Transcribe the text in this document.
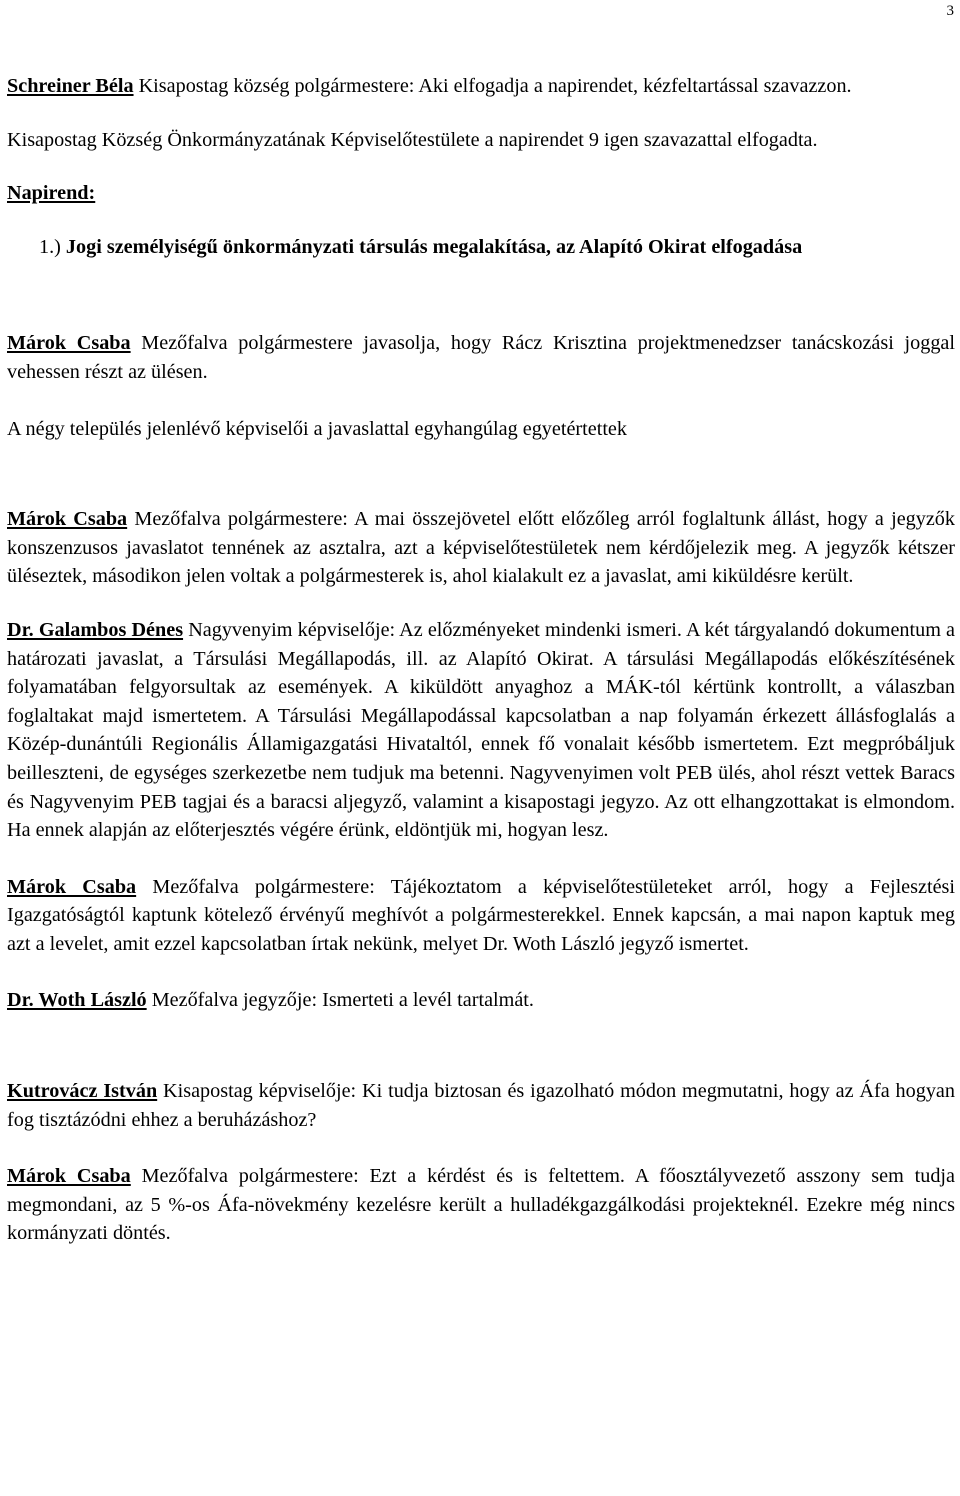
3

Schreiner Béla Kisapostag község polgármestere: Aki elfogadja a napirendet, kézfeltartással szavazzon.

Kisapostag Község Önkormányzatának Képviselőtestülete a napirendet 9 igen szavazattal elfogadta.

Napirend:

1.) Jogi személyiségű önkormányzati társulás megalakítása, az Alapító Okirat elfogadása

Márok Csaba Mezőfalva polgármestere javasolja, hogy Rácz Krisztina projektmenedzser tanácskozási joggal vehessen részt az ülésen.

A négy település jelenlévő képviselői a javaslattal egyhangúlag egyetértettek

Márok Csaba Mezőfalva polgármestere: A mai összejövetel előtt előzőleg arról foglaltunk állást, hogy a jegyzők konszenzusos javaslatot tennének az asztalra, azt a képviselőtestületek nem kérdőjelezik meg. A jegyzők kétszer üléseztek, másodikon jelen voltak a polgármesterek is, ahol kialakult ez a javaslat, ami kiküldésre került.

Dr. Galambos Dénes Nagyvenyim képviselője: Az előzményeket mindenki ismeri. A két tárgyalandó dokumentum a határozati javaslat, a Társulási Megállapodás, ill. az Alapító Okirat. A társulási Megállapodás előkészítésének folyamatában felgyorsultak az események. A kiküldött anyaghoz a MÁK-tól kértünk kontrollt, a válaszban foglaltakat majd ismertetem. A Társulási Megállapodással kapcsolatban a nap folyamán érkezett állásfoglalás a Közép-dunántúli Regionális Államigazgatási Hivataltól, ennek fő vonalait később ismertetem. Ezt megpróbáljuk beilleszteni, de egységes szerkezetbe nem tudjuk ma betenni. Nagyvenyimen volt PEB ülés, ahol részt vettek Baracs és Nagyvenyim PEB tagjai és a baracsi aljegyző, valamint a kisapostagi jegyzo. Az ott elhangzottakat is elmondom. Ha ennek alapján az előterjesztés végére érünk, eldöntjük mi, hogyan lesz.

Márok Csaba Mezőfalva polgármestere: Tájékoztatom a képviselőtestületeket arról, hogy a Fejlesztési Igazgatóságtól kaptunk kötelező érvényű meghívót a polgármesterekkel. Ennek kapcsán, a mai napon kaptuk meg azt a levelet, amit ezzel kapcsolatban írtak nekünk, melyet Dr. Woth László jegyző ismertet.

Dr. Woth László Mezőfalva jegyzője: Ismerteti a levél tartalmát.

Kutrovácz István Kisapostag képviselője: Ki tudja biztosan és igazolható módon megmutatni, hogy az Áfa hogyan fog tisztázódni ehhez a beruházáshoz?

Márok Csaba Mezőfalva polgármestere: Ezt a kérdést és is feltettem. A főosztályvezető asszony sem tudja megmondani, az 5 %-os Áfa-növekmény kezelésre került a hulladékgazgálkodási projekteknél. Ezekre még nincs kormányzati döntés.
